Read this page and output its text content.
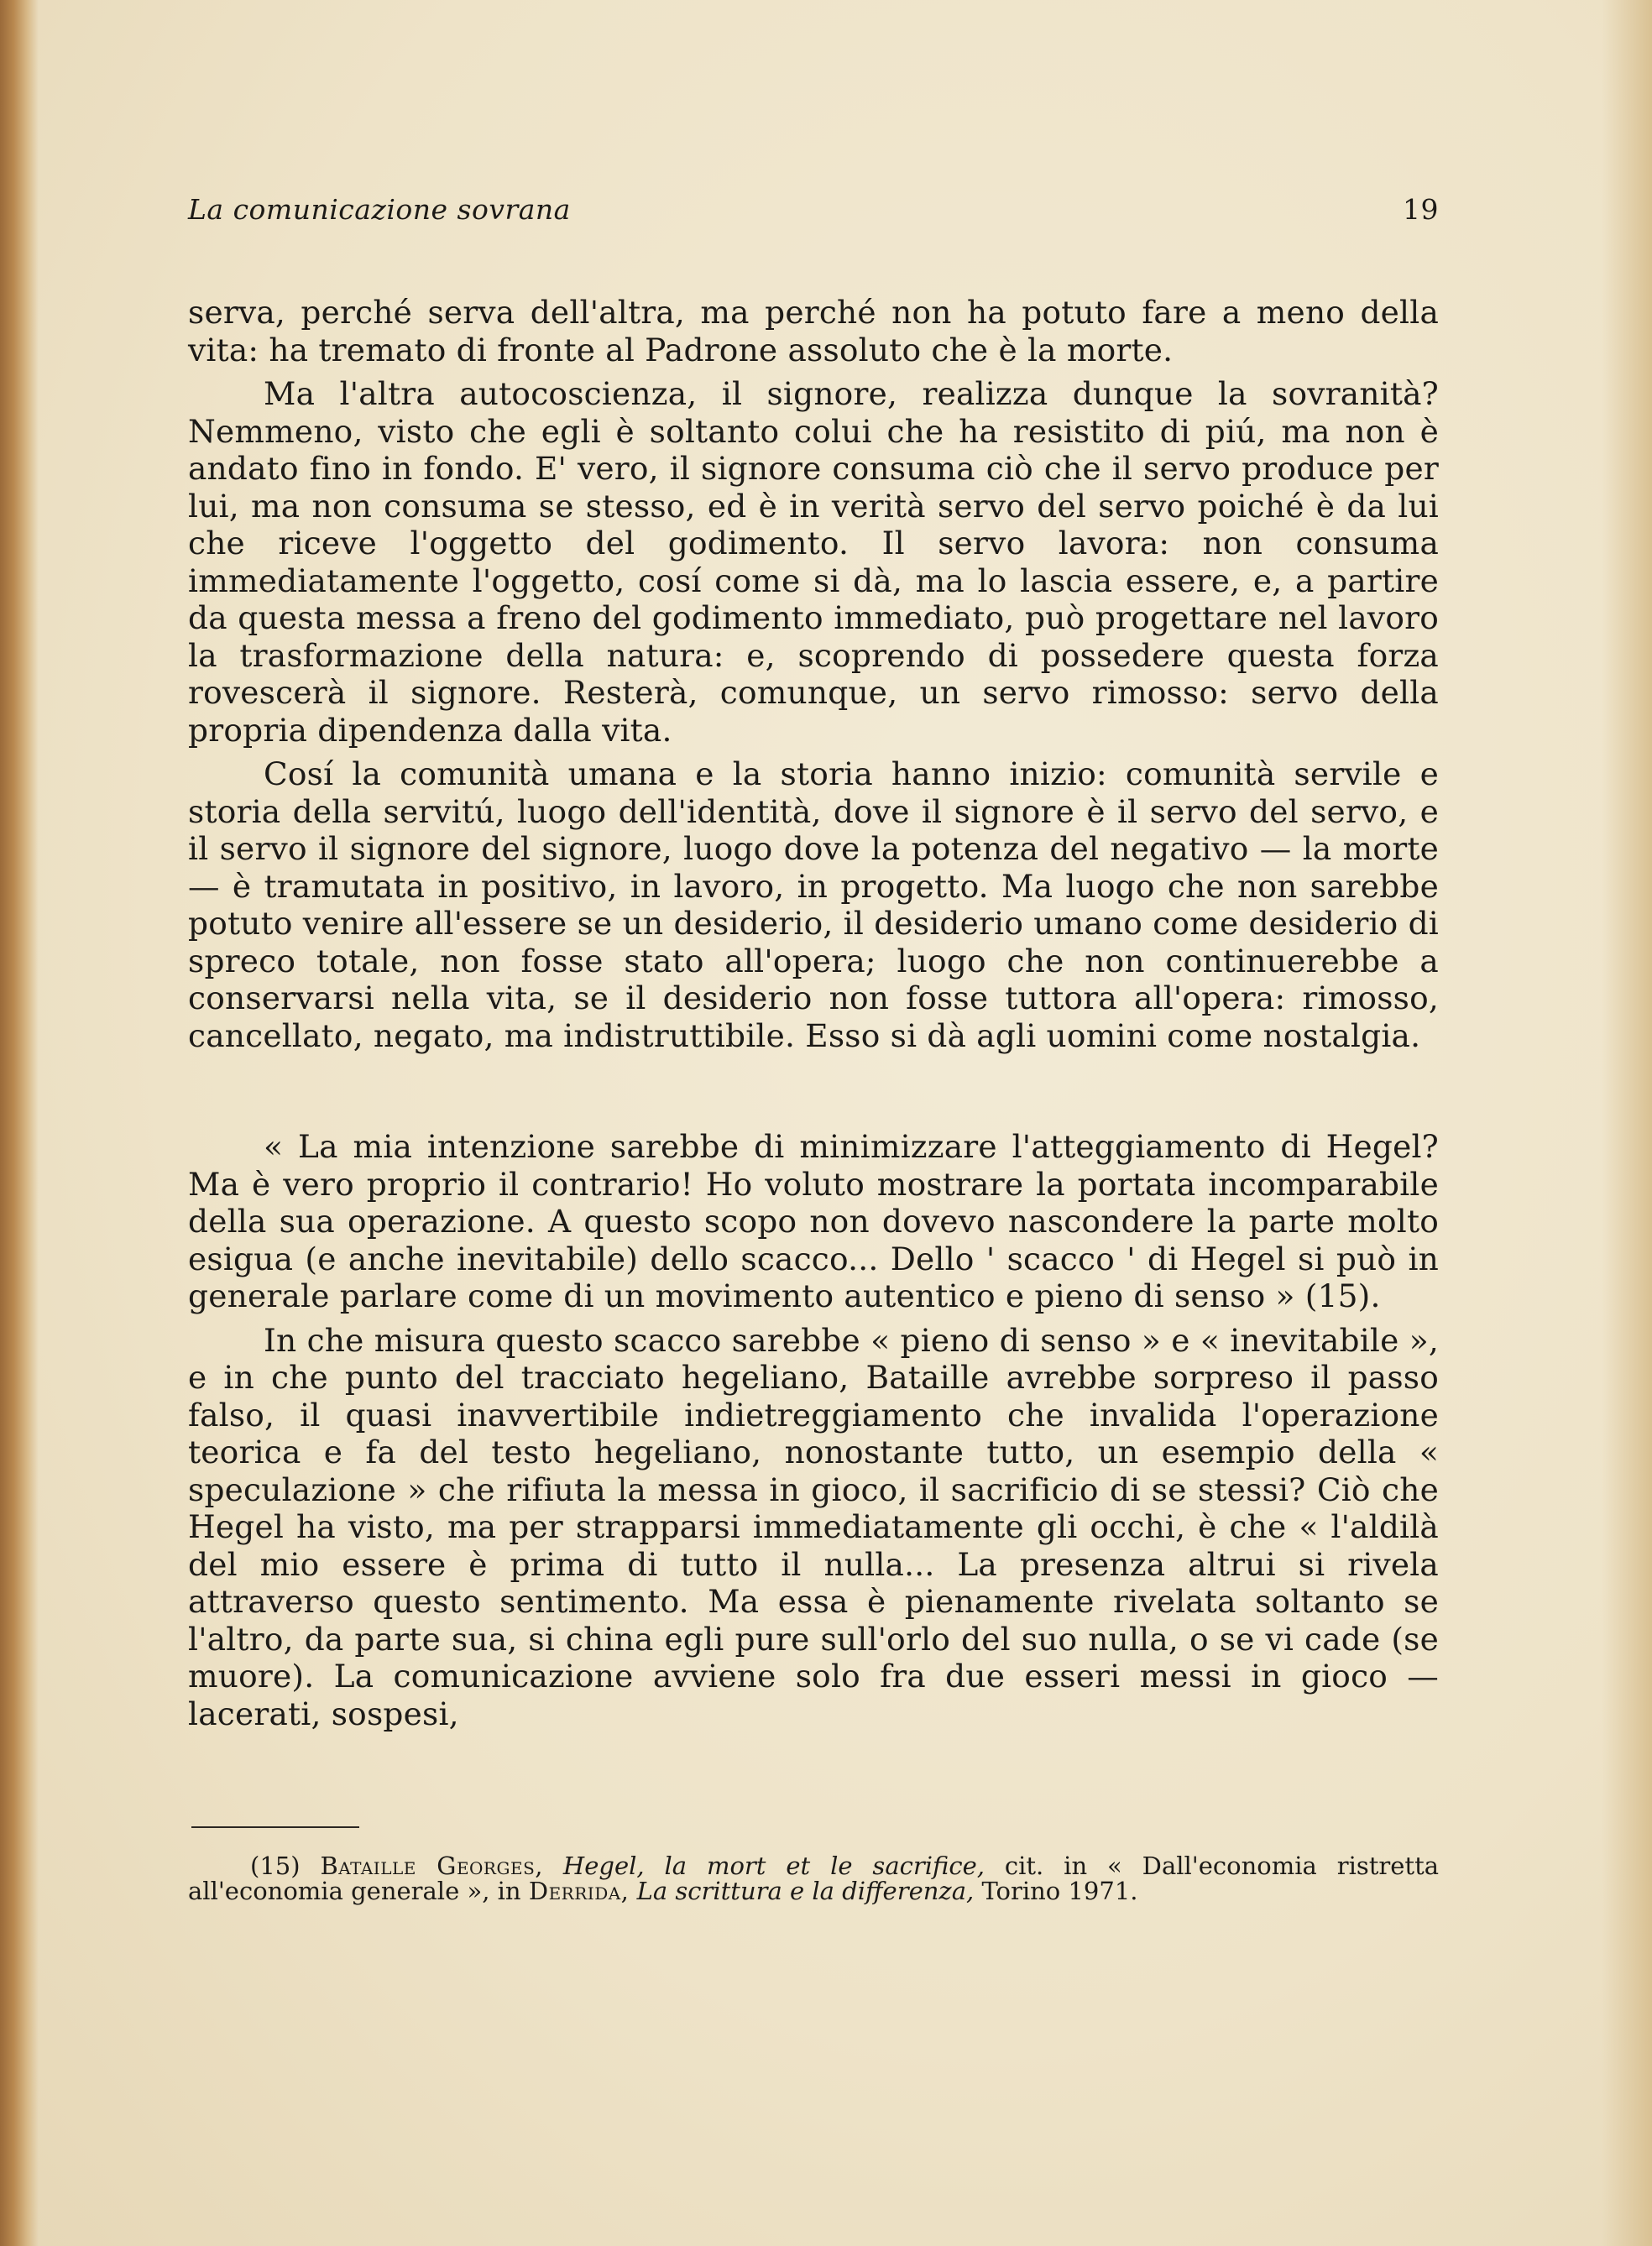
La comunicazione sovrana	19

serva, perché serva dell'altra, ma perché non ha potuto fare a meno della vita: ha tremato di fronte al Padrone assoluto che è la morte.

Ma l'altra autocoscienza, il signore, realizza dunque la sovranità? Nemmeno, visto che egli è soltanto colui che ha resistito di piú, ma non è andato fino in fondo. E' vero, il signore consuma ciò che il servo produce per lui, ma non consuma se stesso, ed è in verità servo del servo poiché è da lui che riceve l'oggetto del godimento. Il servo lavora: non consuma immediatamente l'oggetto, cosí come si dà, ma lo lascia essere, e, a partire da questa messa a freno del godimento immediato, può progettare nel lavoro la trasformazione della natura: e, scoprendo di possedere questa forza rovescerà il signore. Resterà, comunque, un servo rimosso: servo della propria dipendenza dalla vita.

Cosí la comunità umana e la storia hanno inizio: comunità servile e storia della servitú, luogo dell'identità, dove il signore è il servo del servo, e il servo il signore del signore, luogo dove la potenza del negativo — la morte — è tramutata in positivo, in lavoro, in progetto. Ma luogo che non sarebbe potuto venire all'essere se un desiderio, il desiderio umano come desiderio di spreco totale, non fosse stato all'opera; luogo che non continuerebbe a conservarsi nella vita, se il desiderio non fosse tuttora all'opera: rimosso, cancellato, negato, ma indistruttibile. Esso si dà agli uomini come nostalgia.

« La mia intenzione sarebbe di minimizzare l'atteggiamento di Hegel? Ma è vero proprio il contrario! Ho voluto mostrare la portata incomparabile della sua operazione. A questo scopo non dovevo nascondere la parte molto esigua (e anche inevitabile) dello scacco... Dello ' scacco ' di Hegel si può in generale parlare come di un movimento autentico e pieno di senso » (15).

In che misura questo scacco sarebbe « pieno di senso » e « inevitabile », e in che punto del tracciato hegeliano, Bataille avrebbe sorpreso il passo falso, il quasi inavvertibile indietreggiamento che invalida l'operazione teorica e fa del testo hegeliano, nonostante tutto, un esempio della « speculazione » che rifiuta la messa in gioco, il sacrificio di se stessi? Ciò che Hegel ha visto, ma per strapparsi immediatamente gli occhi, è che « l'aldilà del mio essere è prima di tutto il nulla... La presenza altrui si rivela attraverso questo sentimento. Ma essa è pienamente rivelata soltanto se l'altro, da parte sua, si china egli pure sull'orlo del suo nulla, o se vi cade (se muore). La comunicazione avviene solo fra due esseri messi in gioco — lacerati, sospesi,

(15) Bataille Georges, Hegel, la mort et le sacrifice, cit. in « Dall'economia ristretta all'economia generale », in Derrida, La scrittura e la differenza, Torino 1971.
